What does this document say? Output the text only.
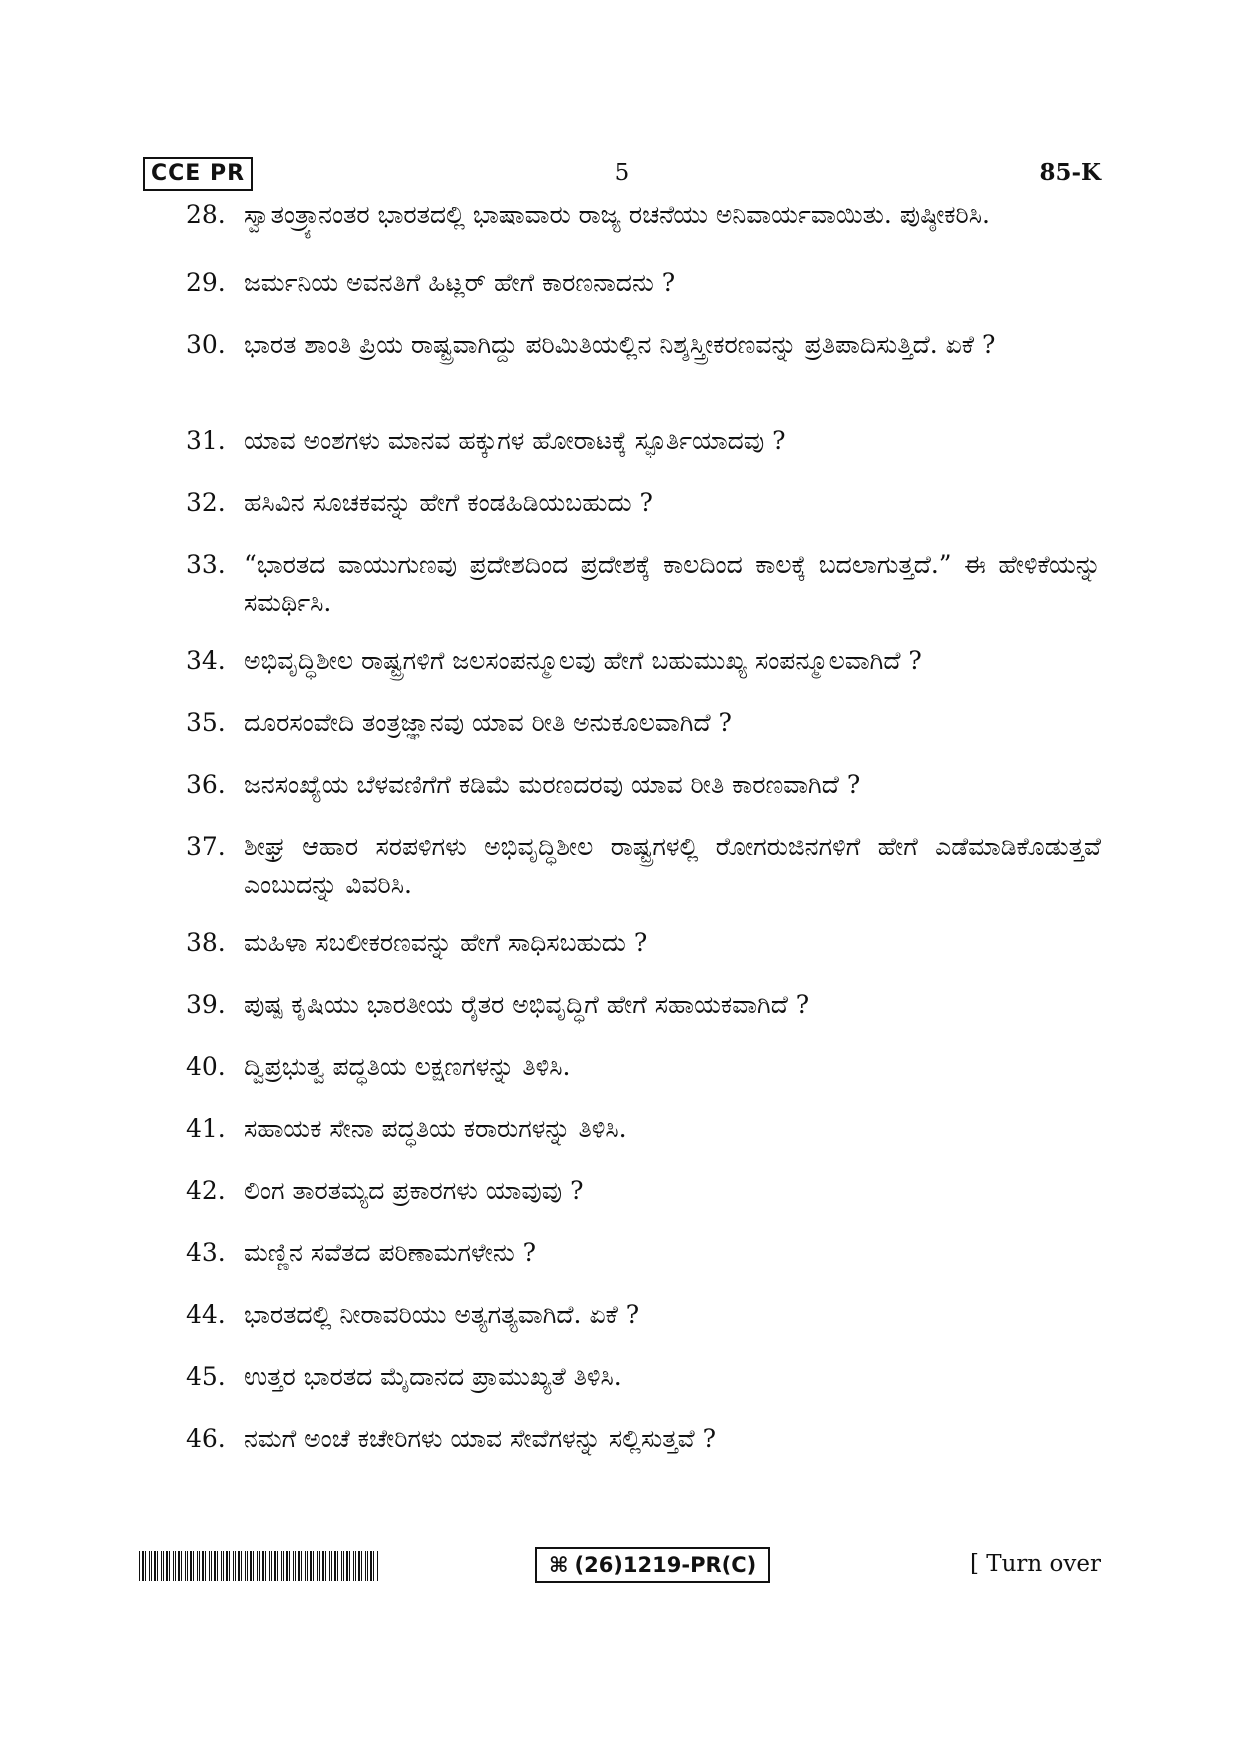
CCE PR	5	85-K
28. ಸ್ವಾತಂತ್ರ್ಯಾನಂತರ ಭಾರತದಲ್ಲಿ ಭಾಷಾವಾರು ರಾಜ್ಯ ರಚನೆಯು ಅನಿವಾರ್ಯವಾಯಿತು. ಪುಷ್ಠೀಕರಿಸಿ.
29. ಜರ್ಮನಿಯ ಅವನತಿಗೆ ಹಿಟ್ಲರ್ ಹೇಗೆ ಕಾರಣನಾದನು ?
30. ಭಾರತ ಶಾಂತಿ ಪ್ರಿಯ ರಾಷ್ಟ್ರವಾಗಿದ್ದು ಪರಿಮಿತಿಯಲ್ಲಿನ ನಿಶ್ಶಸ್ತ್ರೀಕರಣವನ್ನು ಪ್ರತಿಪಾದಿಸುತ್ತಿದೆ. ಏಕೆ ?
31. ಯಾವ ಅಂಶಗಳು ಮಾನವ ಹಕ್ಕುಗಳ ಹೋರಾಟಕ್ಕೆ ಸ್ಫೂರ್ತಿಯಾದವು ?
32. ಹಸಿವಿನ ಸೂಚಕವನ್ನು ಹೇಗೆ ಕಂಡಹಿಡಿಯಬಹುದು ?
33. “ಭಾರತದ ವಾಯುಗುಣವು ಪ್ರದೇಶದಿಂದ ಪ್ರದೇಶಕ್ಕೆ ಕಾಲದಿಂದ ಕಾಲಕ್ಕೆ ಬದಲಾಗುತ್ತದೆ.” ಈ ಹೇಳಿಕೆಯನ್ನು ಸಮರ್ಥಿಸಿ.
34. ಅಭಿವೃದ್ಧಿಶೀಲ ರಾಷ್ಟ್ರಗಳಿಗೆ ಜಲಸಂಪನ್ಮೂಲವು ಹೇಗೆ ಬಹುಮುಖ್ಯ ಸಂಪನ್ಮೂಲವಾಗಿದೆ ?
35. ದೂರಸಂವೇದಿ ತಂತ್ರಜ್ಞಾನವು ಯಾವ ರೀತಿ ಅನುಕೂಲವಾಗಿದೆ ?
36. ಜನಸಂಖ್ಯೆಯ ಬೆಳವಣಿಗೆಗೆ ಕಡಿಮೆ ಮರಣದರವು ಯಾವ ರೀತಿ ಕಾರಣವಾಗಿದೆ ?
37. ಶೀಘ್ರ ಆಹಾರ ಸರಪಳಿಗಳು ಅಭಿವೃದ್ಧಿಶೀಲ ರಾಷ್ಟ್ರಗಳಲ್ಲಿ ರೋಗರುಜಿನಗಳಿಗೆ ಹೇಗೆ ಎಡೆಮಾಡಿಕೊಡುತ್ತವೆ ಎಂಬುದನ್ನು ವಿವರಿಸಿ.
38. ಮಹಿಳಾ ಸಬಲೀಕರಣವನ್ನು ಹೇಗೆ ಸಾಧಿಸಬಹುದು ?
39. ಪುಷ್ಪ ಕೃಷಿಯು ಭಾರತೀಯ ರೈತರ ಅಭಿವೃದ್ಧಿಗೆ ಹೇಗೆ ಸಹಾಯಕವಾಗಿದೆ ?
40. ದ್ವಿಪ್ರಭುತ್ವ ಪದ್ಧತಿಯ ಲಕ್ಷಣಗಳನ್ನು ತಿಳಿಸಿ.
41. ಸಹಾಯಕ ಸೇನಾ ಪದ್ಧತಿಯ ಕರಾರುಗಳನ್ನು ತಿಳಿಸಿ.
42. ಲಿಂಗ ತಾರತಮ್ಯದ ಪ್ರಕಾರಗಳು ಯಾವುವು ?
43. ಮಣ್ಣಿನ ಸವೆತದ ಪರಿಣಾಮಗಳೇನು ?
44. ಭಾರತದಲ್ಲಿ ನೀರಾವರಿಯು ಅತ್ಯಗತ್ಯವಾಗಿದೆ. ಏಕೆ ?
45. ಉತ್ತರ ಭಾರತದ ಮೈದಾನದ ಪ್ರಾಮುಖ್ಯತೆ ತಿಳಿಸಿ.
46. ನಮಗೆ ಅಂಚೆ ಕಚೇರಿಗಳು ಯಾವ ಸೇವೆಗಳನ್ನು ಸಲ್ಲಿಸುತ್ತವೆ ?
⌘ (26)1219-PR(C)	[ Turn over
